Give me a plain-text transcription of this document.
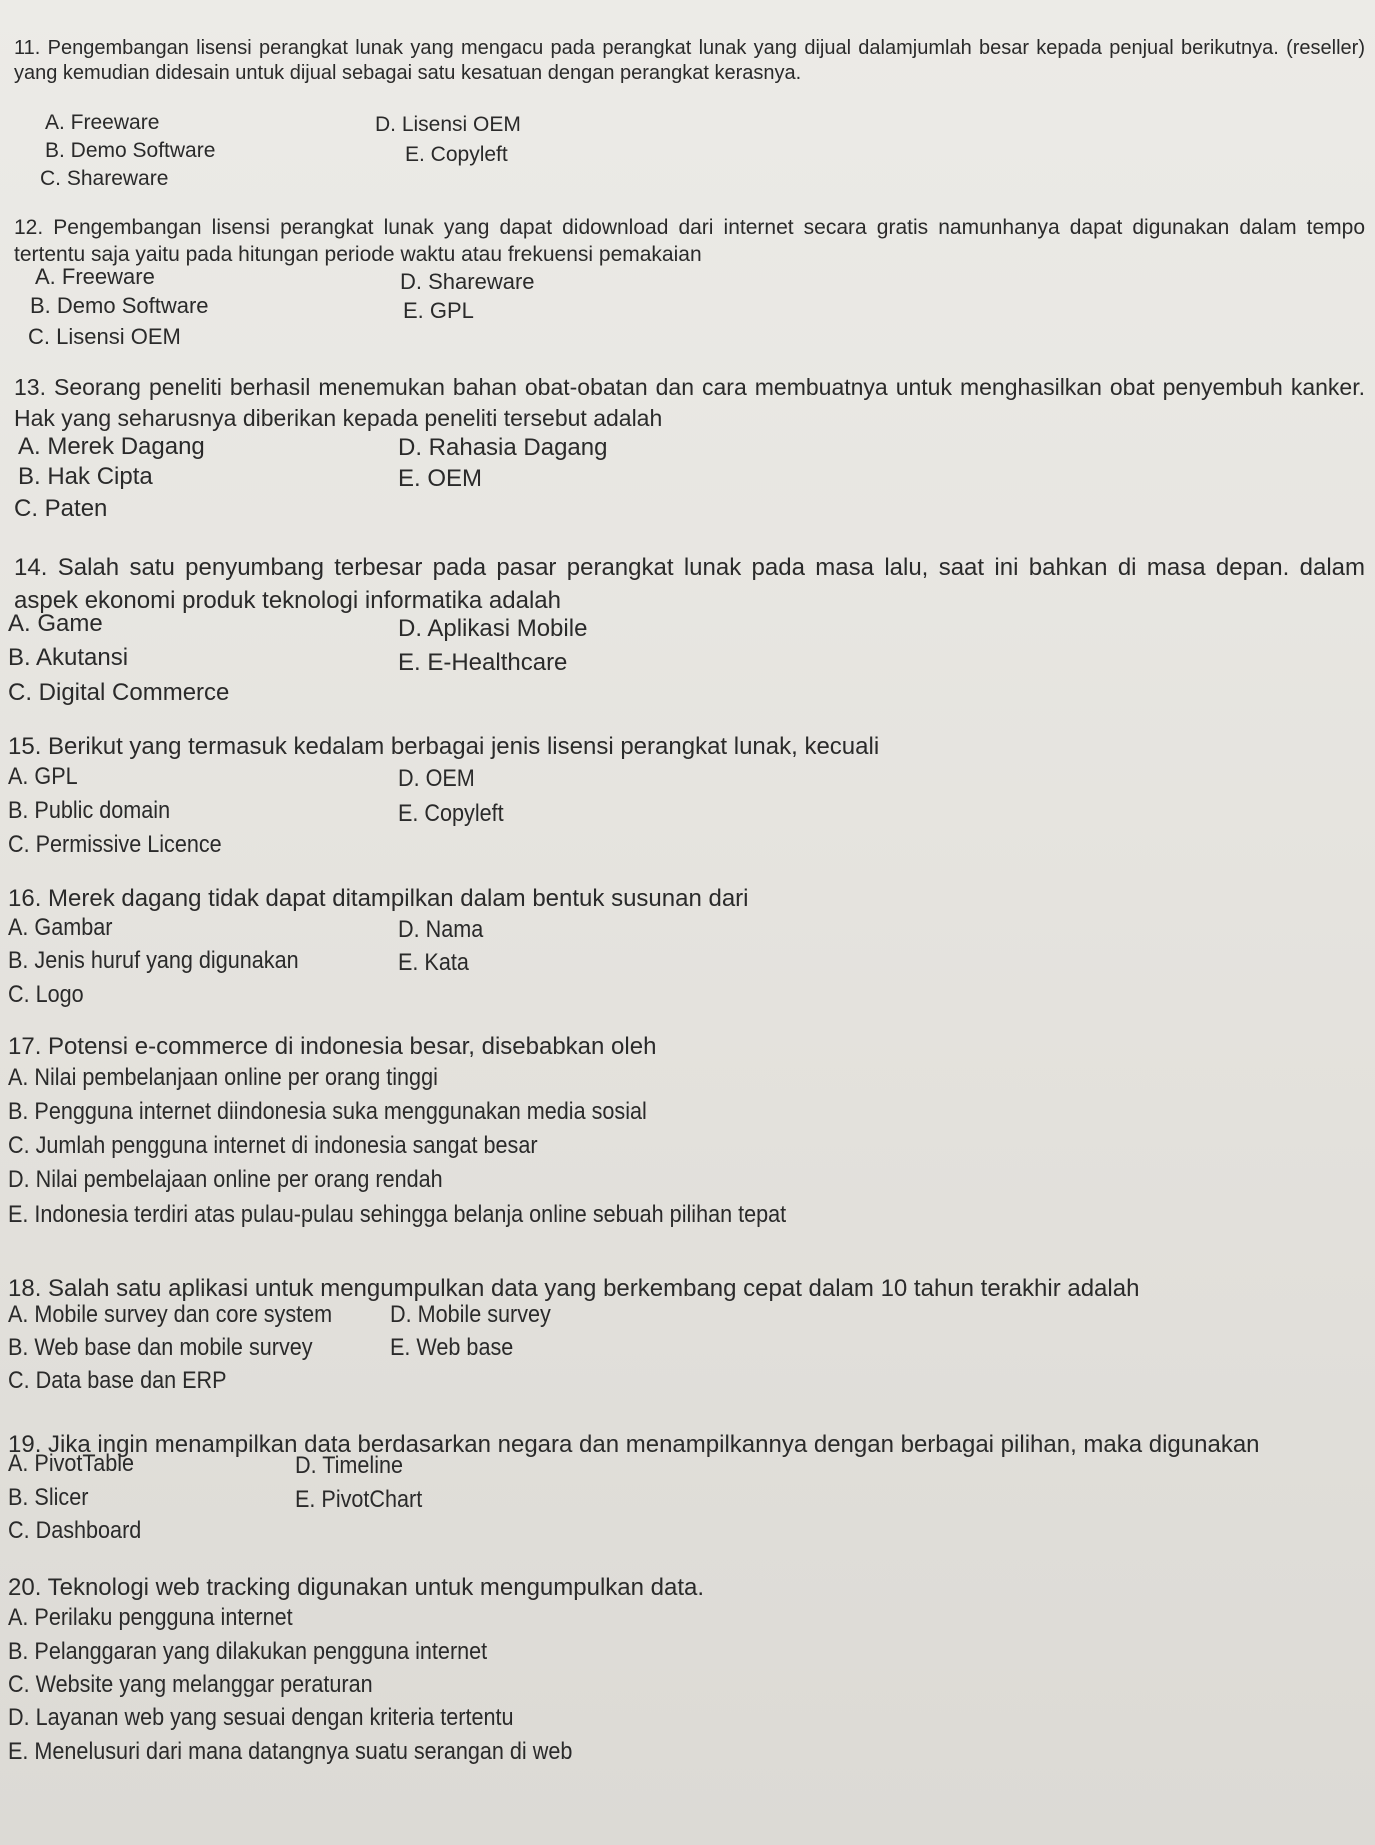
11. Pengembangan lisensi perangkat lunak yang mengacu pada perangkat lunak yang dijual dalamjumlah besar kepada penjual berikutnya. (reseller) yang kemudian didesain untuk dijual sebagai satu kesatuan dengan perangkat kerasnya.
A. Freeware
B. Demo Software
C. Shareware
D. Lisensi OEM
E. Copyleft
12. Pengembangan lisensi perangkat lunak yang dapat didownload dari internet secara gratis namunhanya dapat digunakan dalam tempo tertentu saja yaitu pada hitungan periode waktu atau frekuensi pemakaian
A. Freeware
B. Demo Software
C. Lisensi OEM
D. Shareware
E. GPL
13. Seorang peneliti berhasil menemukan bahan obat-obatan dan cara membuatnya untuk menghasilkan obat penyembuh kanker. Hak yang seharusnya diberikan kepada peneliti tersebut adalah
A. Merek Dagang
B. Hak Cipta
C. Paten
D. Rahasia Dagang
E. OEM
14. Salah satu penyumbang terbesar pada pasar perangkat lunak pada masa lalu, saat ini bahkan di masa depan. dalam aspek ekonomi produk teknologi informatika adalah
A. Game
B. Akutansi
C. Digital Commerce
D. Aplikasi Mobile
E. E-Healthcare
15. Berikut yang termasuk kedalam berbagai jenis lisensi perangkat lunak, kecuali
A. GPL
B. Public domain
C. Permissive Licence
D. OEM
E. Copyleft
16. Merek dagang tidak dapat ditampilkan dalam bentuk susunan dari
A. Gambar
B. Jenis huruf yang digunakan
C. Logo
D. Nama
E. Kata
17. Potensi e-commerce di indonesia besar, disebabkan oleh
A. Nilai pembelanjaan online per orang tinggi
B. Pengguna internet diindonesia suka menggunakan media sosial
C. Jumlah pengguna internet di indonesia sangat besar
D. Nilai pembelajaan online per orang rendah
E. Indonesia terdiri atas pulau-pulau sehingga belanja online sebuah pilihan tepat
18. Salah satu aplikasi untuk mengumpulkan data yang berkembang cepat dalam 10 tahun terakhir adalah
A. Mobile survey dan core system
B. Web base dan mobile survey
C. Data base dan ERP
D. Mobile survey
E. Web base
19. Jika ingin menampilkan data berdasarkan negara dan menampilkannya dengan berbagai pilihan, maka digunakan
A. PivotTable
B. Slicer
C. Dashboard
D. Timeline
E. PivotChart
20. Teknologi web tracking digunakan untuk mengumpulkan data.
A. Perilaku pengguna internet
B. Pelanggaran yang dilakukan pengguna internet
C. Website yang melanggar peraturan
D. Layanan web yang sesuai dengan kriteria tertentu
E. Menelusuri dari mana datangnya suatu serangan di web
